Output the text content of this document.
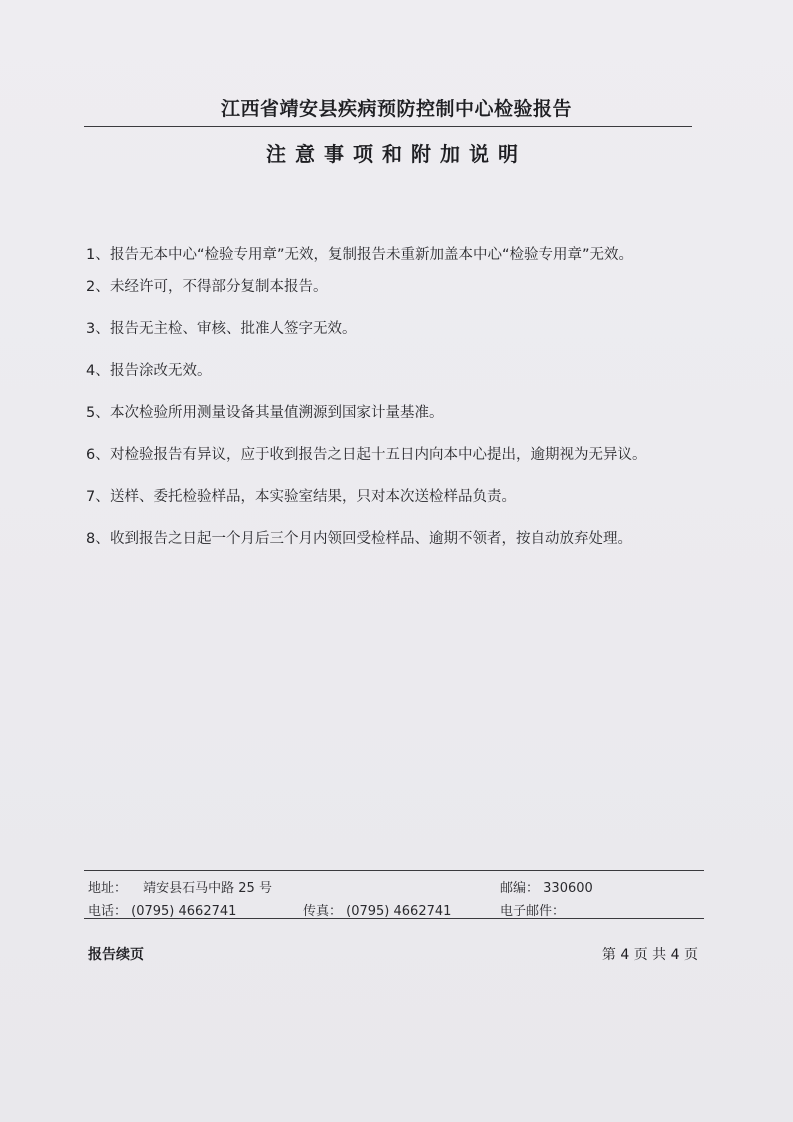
江西省靖安县疾病预防控制中心检验报告
注意事项和附加说明
1、 报告无本中心“检验专用章”无效，复制报告未重新加盖本中心“检验专用章”无效。
2、 未经许可，不得部分复制本报告。
3、 报告无主检、审核、批准人签字无效。
4、 报告涂改无效。
5、 本次检验所用测量设备其量值溯源到国家计量基准。
6、 对检验报告有异议，应于收到报告之日起十五日内向本中心提出，逾期视为无异议。
7、 送样、委托检验样品，本实验室结果，只对本次送检样品负责。
8、 收到报告之日起一个月后三个月内领回受检样品、逾期不领者，按自动放弃处理。
地址： 靖安县石马中路 25 号	邮编： 330600
电话： (0795) 4662741	传真： (0795) 4662741	电子邮件：
报告续页	第 4 页 共 4 页
